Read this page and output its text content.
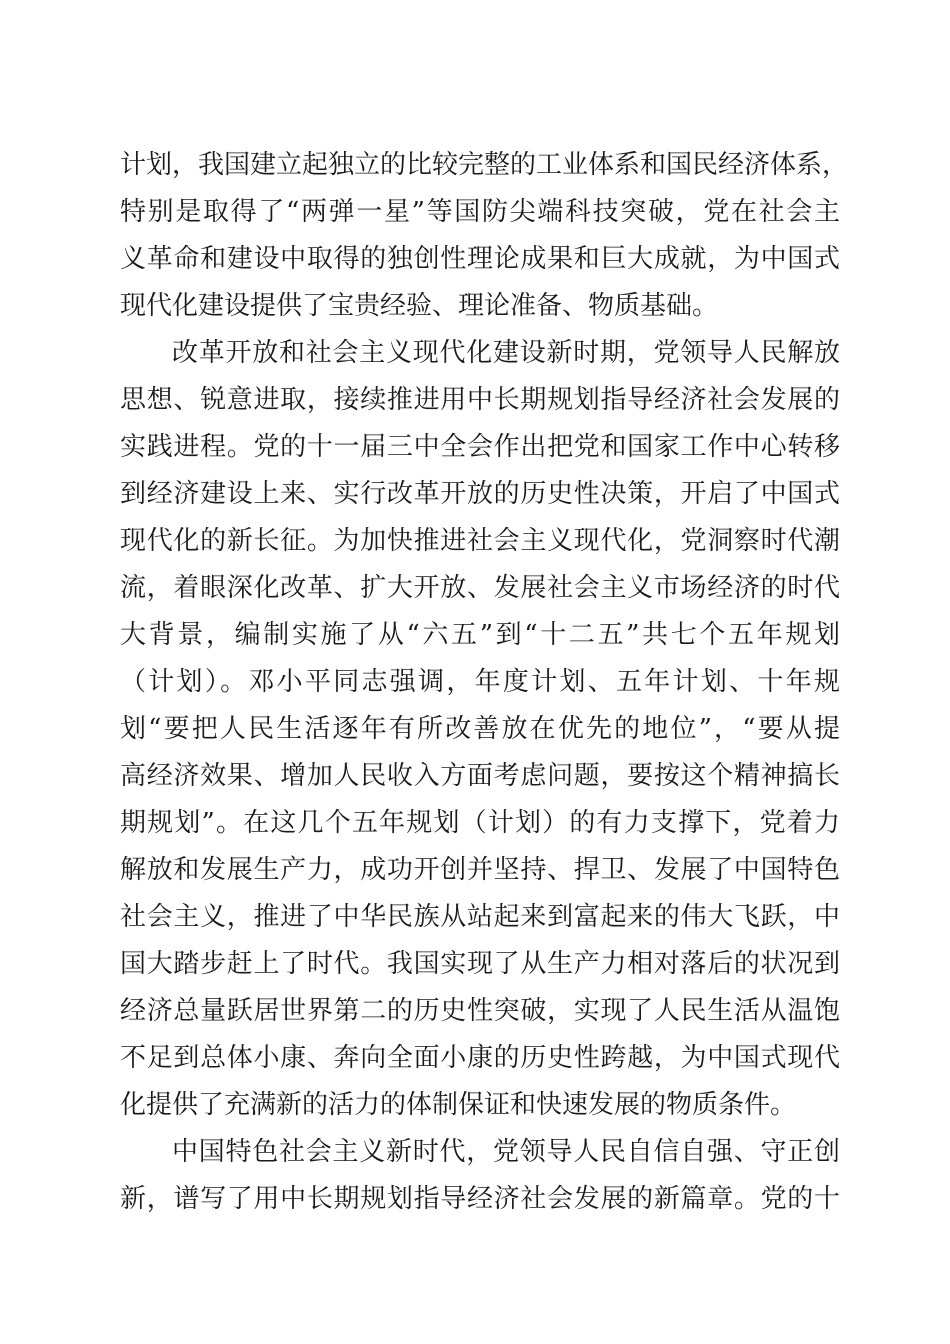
计划，我国建立起独立的比较完整的工业体系和国民经济体系，
特别是取得了“两弹一星”等国防尖端科技突破，党在社会主
义革命和建设中取得的独创性理论成果和巨大成就，为中国式
现代化建设提供了宝贵经验、理论准备、物质基础。
改革开放和社会主义现代化建设新时期，党领导人民解放
思想、锐意进取，接续推进用中长期规划指导经济社会发展的
实践进程。党的十一届三中全会作出把党和国家工作中心转移
到经济建设上来、实行改革开放的历史性决策，开启了中国式
现代化的新长征。为加快推进社会主义现代化，党洞察时代潮
流，着眼深化改革、扩大开放、发展社会主义市场经济的时代
大背景，编制实施了从“六五”到“十二五”共七个五年规划
（计划）。邓小平同志强调，年度计划、五年计划、十年规
划“要把人民生活逐年有所改善放在优先的地位”，“要从提
高经济效果、增加人民收入方面考虑问题，要按这个精神搞长
期规划”。在这几个五年规划（计划）的有力支撑下，党着力
解放和发展生产力，成功开创并坚持、捍卫、发展了中国特色
社会主义，推进了中华民族从站起来到富起来的伟大飞跃，中
国大踏步赶上了时代。我国实现了从生产力相对落后的状况到
经济总量跃居世界第二的历史性突破，实现了人民生活从温饱
不足到总体小康、奔向全面小康的历史性跨越，为中国式现代
化提供了充满新的活力的体制保证和快速发展的物质条件。
中国特色社会主义新时代，党领导人民自信自强、守正创
新，谱写了用中长期规划指导经济社会发展的新篇章。党的十
